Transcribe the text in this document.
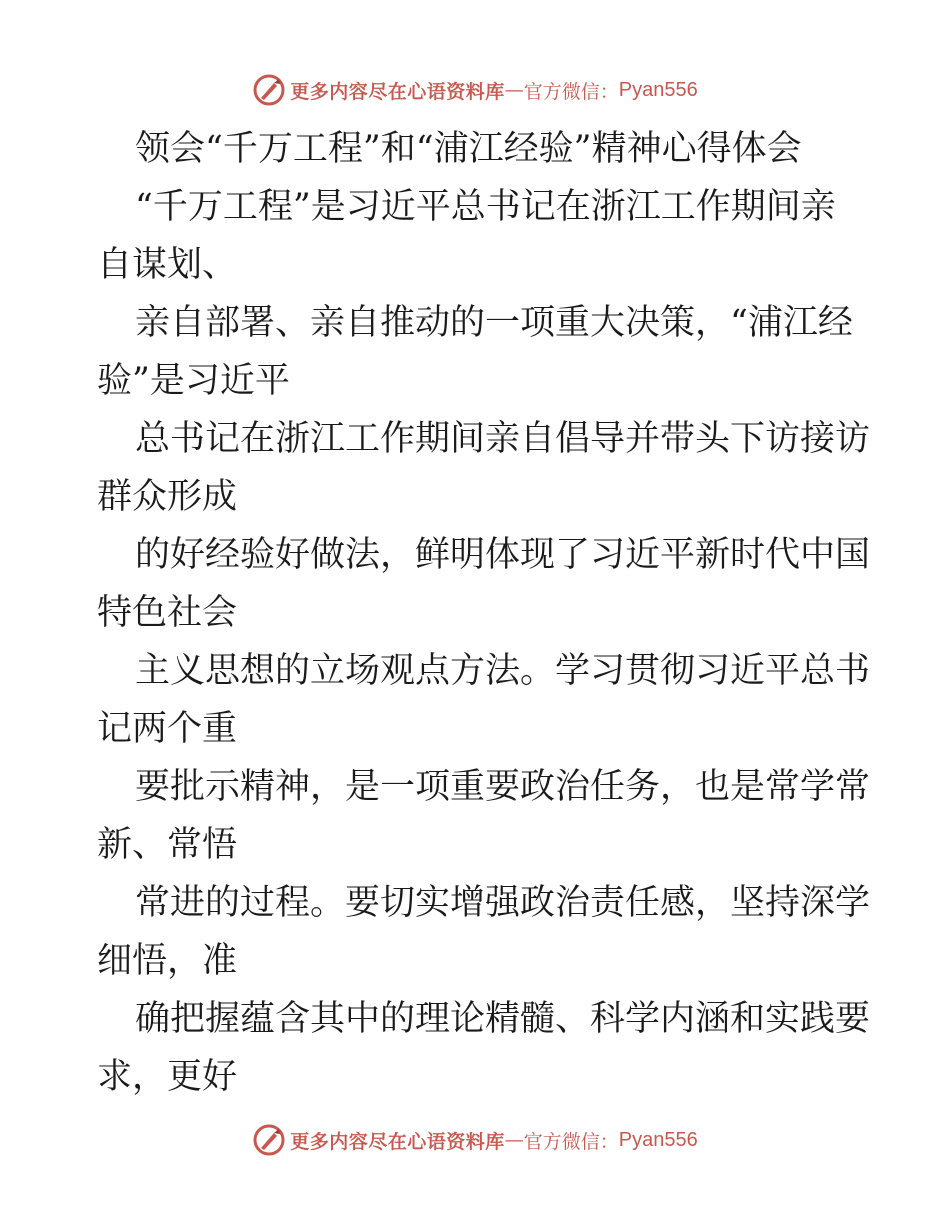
更多内容尽在心语资料库 — 官方微信： Pyan556
领会“千万工程”和“浦江经验”精神心得体会
“千万工程”是习近平总书记在浙江工作期间亲
自谋划、
亲自部署、亲自推动的一项重大决策，“浦江经
验”是习近平
总书记在浙江工作期间亲自倡导并带头下访接访
群众形成
的好经验好做法，鲜明体现了习近平新时代中国
特色社会
主义思想的立场观点方法。学习贯彻习近平总书
记两个重
要批示精神，是一项重要政治任务，也是常学常
新、常悟
常进的过程。要切实增强政治责任感，坚持深学
细悟，准
确把握蕴含其中的理论精髓、科学内涵和实践要
求，更好
更多内容尽在心语资料库 — 官方微信： Pyan556
